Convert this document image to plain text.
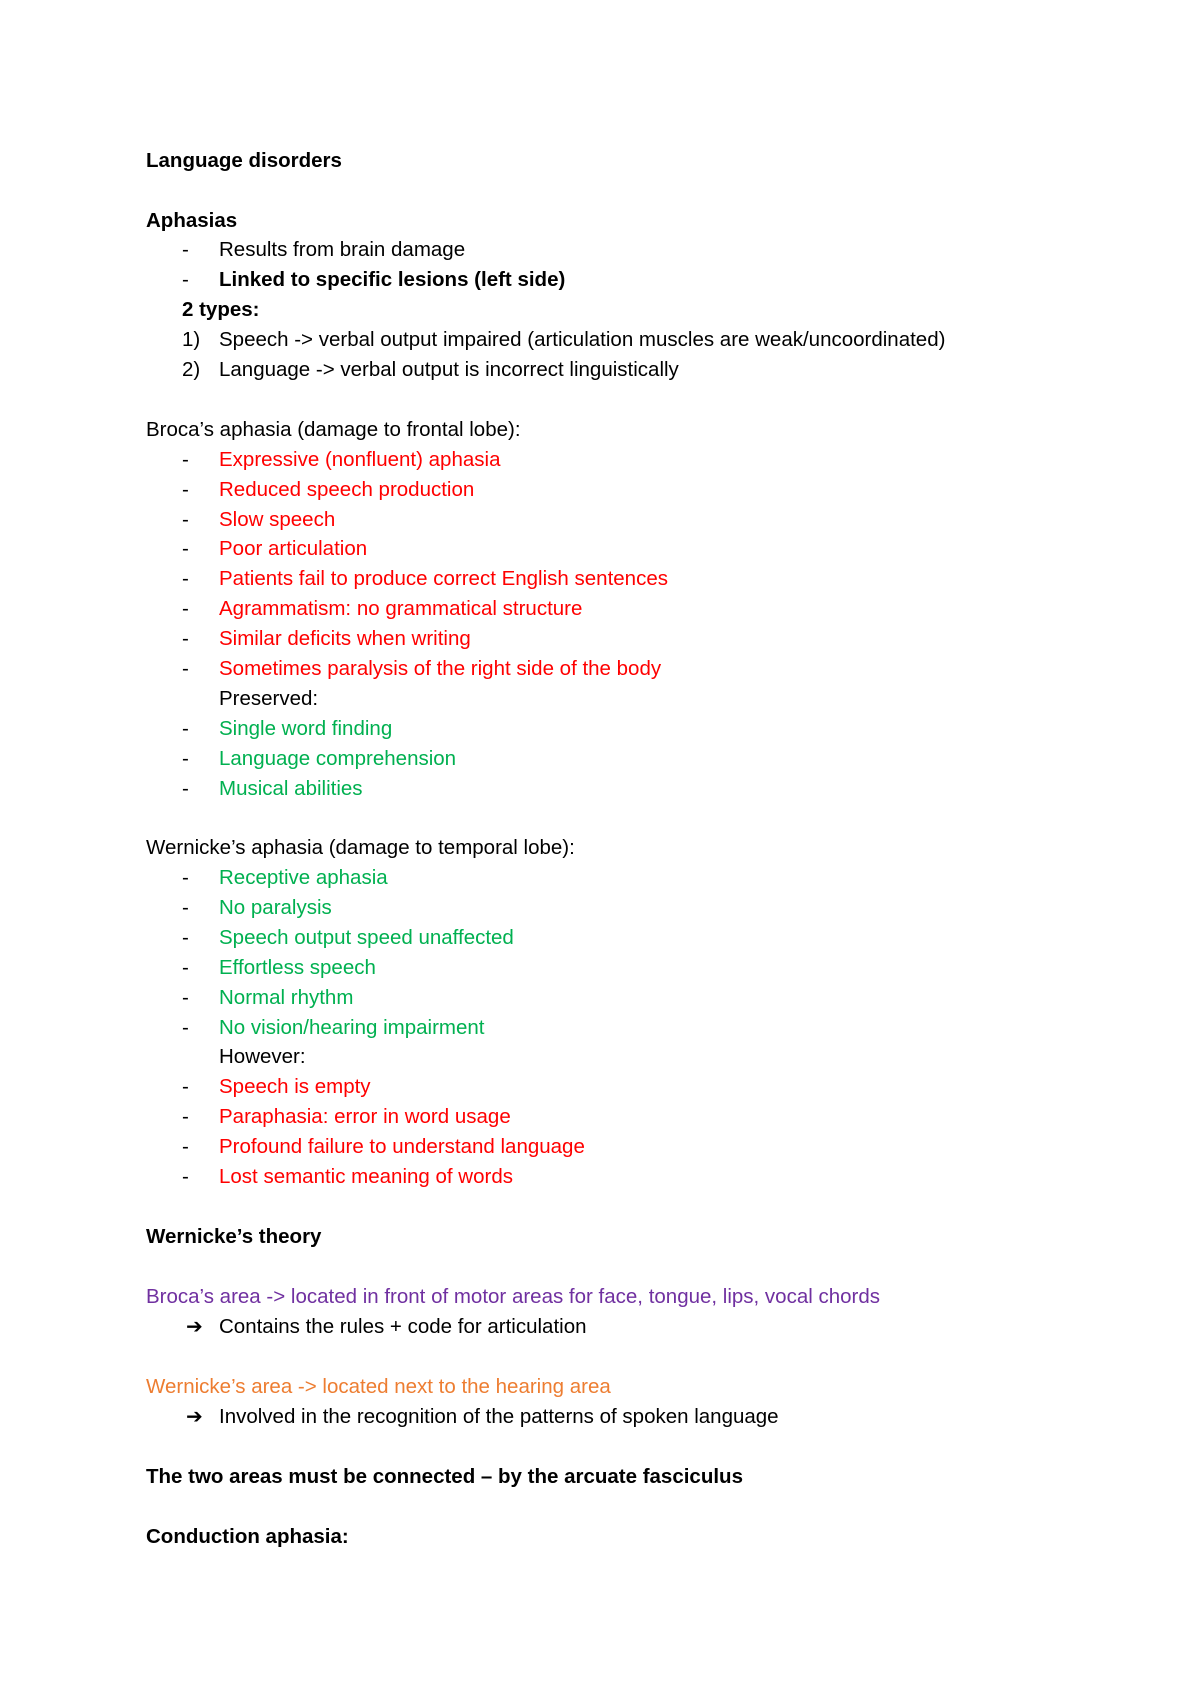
Language disorders
Aphasias
- Results from brain damage
- Linked to specific lesions (left side)
2 types:
1) Speech -> verbal output impaired (articulation muscles are weak/uncoordinated)
2) Language -> verbal output is incorrect linguistically
Broca’s aphasia (damage to frontal lobe):
- Expressive (nonfluent) aphasia
- Reduced speech production
- Slow speech
- Poor articulation
- Patients fail to produce correct English sentences
- Agrammatism: no grammatical structure
- Similar deficits when writing
- Sometimes paralysis of the right side of the body
Preserved:
- Single word finding
- Language comprehension
- Musical abilities
Wernicke’s aphasia (damage to temporal lobe):
- Receptive aphasia
- No paralysis
- Speech output speed unaffected
- Effortless speech
- Normal rhythm
- No vision/hearing impairment
However:
- Speech is empty
- Paraphasia: error in word usage
- Profound failure to understand language
- Lost semantic meaning of words
Wernicke’s theory
Broca’s area -> located in front of motor areas for face, tongue, lips, vocal chords
➔ Contains the rules + code for articulation
Wernicke’s area -> located next to the hearing area
➔ Involved in the recognition of the patterns of spoken language
The two areas must be connected – by the arcuate fasciculus
Conduction aphasia:
